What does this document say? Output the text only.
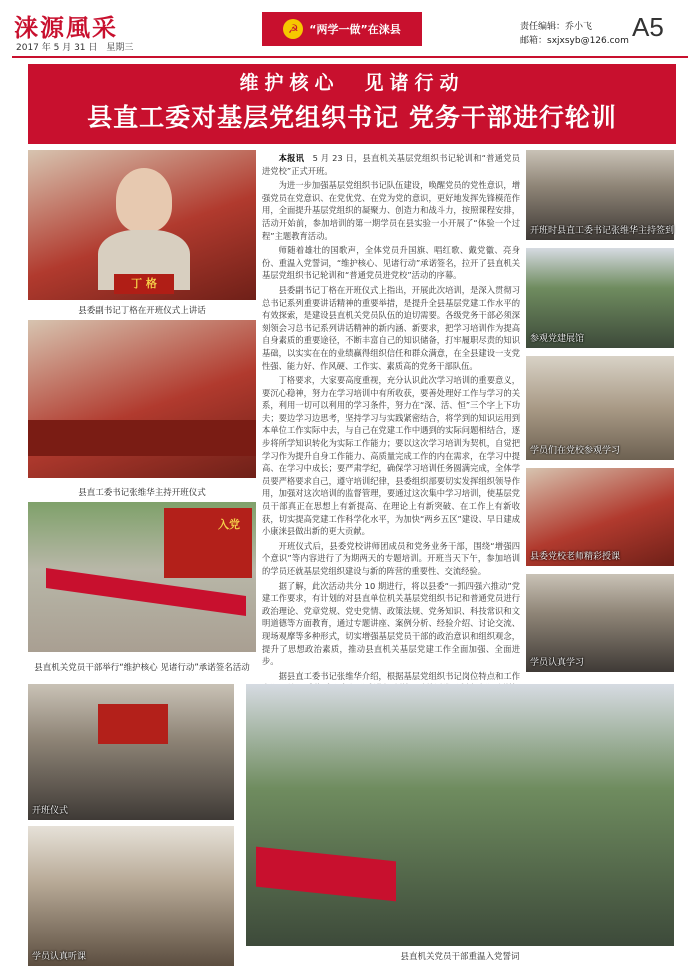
涞源風采
2017 年 5 月 31 日　星期三
☭ “两学一做”在涞县	责任编辑：乔小飞
邮箱：sxjxsyb@126.com A5
维护核心　见诸行动
县直工委对基层党组织书记 党务干部进行轮训
丁 格
县委副书记丁格在开班仪式上讲话
县直工委书记张维华主持开班仪式
入党
县直机关党员干部举行“维护核心 见诸行动”承诺签名活动

本报讯　 5 月 23 日，县直机关基层党组织书记轮训和“普通党员进党校”正式开班。

为进一步加强基层党组织书记队伍建设，唤醒党员的党性意识，增强党员在党意识、在党优党、在党为党的意识，更好地发挥先锋模范作用，全面提升基层党组织的凝聚力、创造力和战斗力，按照课程安排，活动开始前，参加培训的第一期学员在县实验一小开展了“体验一个过程”主题教育活动。

师随着雄壮的国歌声，全体党员升国旗、唱红歌、戴党徽、亮身份、重温入党誓词，“维护核心、见诸行动”承诺签名，拉开了县直机关基层党组织书记轮训和“普通党员进党校”活动的序幕。

县委副书记丁格在开班仪式上指出，开展此次培训，是深入贯彻习总书记系列重要讲话精神的重要举措，是提升全县基层党建工作水平的有效探索，是建设县直机关党员队伍的迫切需要。各级党务干部必须深刻领会习总书记系列讲话精神的新内涵、新要求，把学习培训作为提高自身素质的重要途径，不断丰富自己的知识储备，打牢履职尽责的知识基础，以实实在在的业绩赢得组织信任和群众满意，在全县建设一支党性强、能力好、作风硬、工作实、素质高的党务干部队伍。

丁格要求，大家要高度重视，充分认识此次学习培训的重要意义，要沉心稳神，努力在学习培训中有所收获，要善处理好工作与学习的关系，利用一切可以利用的学习条件，努力在“深、活、恒”三个字上下功夫；要边学习边思考，坚持学习与实践紧密结合，将学到的知识运用到本单位工作实际中去，与自己在党建工作中遇到的实际问题相结合，逐步将所学知识转化为实际工作能力；要以这次学习培训为契机，自觉把学习作为提升自身工作能力、高质量完成工作的内在需求，在学习中提高、在学习中成长；要严肃学纪，确保学习培训任务圆满完成，全体学员要严格要求自己，遵守培训纪律，县委组织部要切实发挥组织领导作用，加强对这次培训的监督管理，要通过这次集中学习培训，使基层党员干部真正在思想上有新提高、在理论上有新突破、在工作上有新收获，切实提高党建工作科学化水平，为加快“两乡五区”建设、早日建成小康涞县做出新的更大贡献。

开班仪式后，县委党校讲师团成员和党务业务干部，围绕“增强四个意识”等内容进行了为期两天的专题培训。开班当天下午，参加培训的学员还就基层党组织建设与新的阵营的重要性、交流经验。

据了解，此次活动共分 10 期进行，将以县委“一抓四强六推动”党建工作要求，有计划的对县直单位机关基层党组织书记和普通党员进行政治理论、党章党规、党史党情、政策法规、党务知识、科技常识和文明道德等方面教育，通过专题讲座、案例分析、经验介绍、讨论交流、现场观摩等多种形式，切实增强基层党员干部的政治意识和组织观念，提升了思想政治素质，推动县直机关基层党建工作全面加强、全面进步。

据县直工委书记张维华介绍，根据基层党组织书记岗位特点和工作

开班时县直工委书记张维华主持签到
参观党建展馆
学员们在党校参观学习
县委党校老师精彩授课
学员认真学习
开班仪式
学员认真听课	县直机关党员干部重温入党誓词
